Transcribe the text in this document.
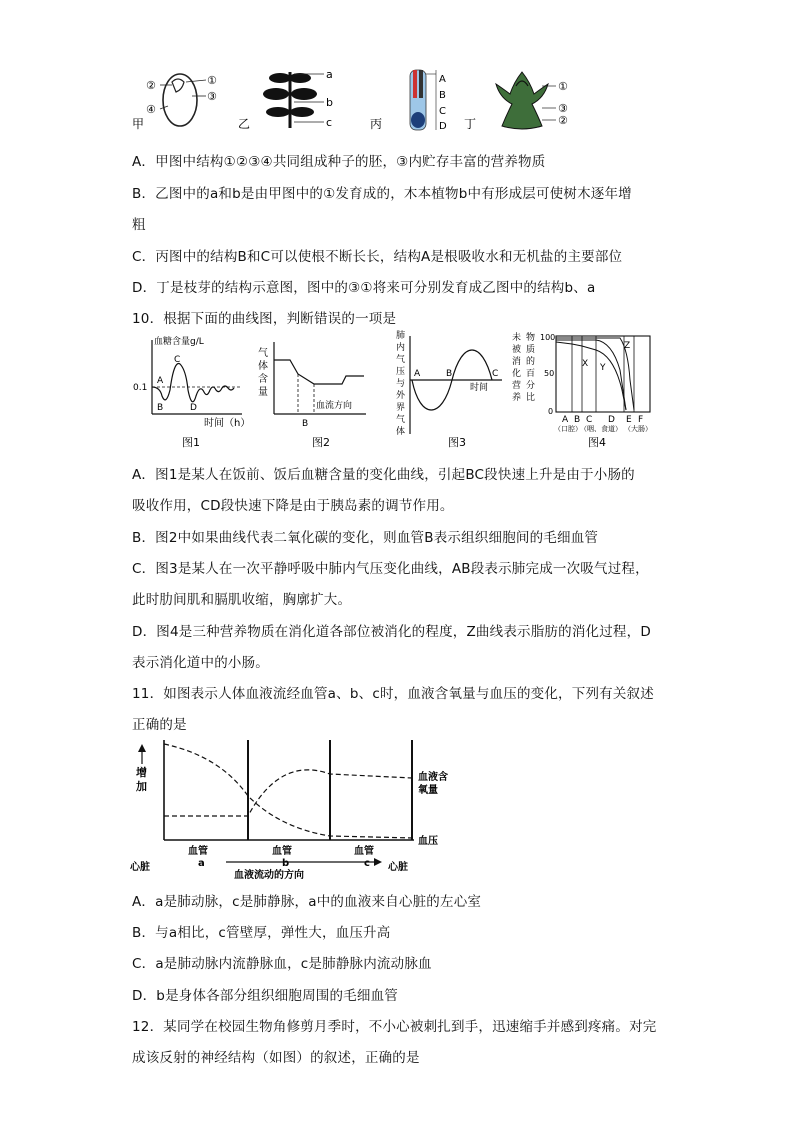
②	①
④
③
甲	乙
a
b
c	丙
A
B
C
D 丁
①
③
②
A．甲图中结构①②③④共同组成种子的胚，③内贮存丰富的营养物质
B．乙图中的a和b是由甲图中的①发育成的，木本植物b中有形成层可使树木逐年增
粗
C．丙图中的结构B和C可以使根不断长长，结构A是根吸收水和无机盐的主要部位
D．丁是枝芽的结构示意图，图中的③①将来可分别发育成乙图中的结构b、a
10．根据下面的曲线图，判断错误的一项是
血糖含量g/L
0.1
A
B
C
D
时间（h）
图1
气
体
含
量
B
血流方向
图2
肺
内
气
压
与
外
界
气
体
A	B	C
时间
图3
未
被
消
化
营
养
物
质
的
百
分
比
100
50
0
X Y
Z
A B C D E F
（口腔）
（咽、食道） （大肠）
图4
A．图1是某人在饭前、饭后血糖含量的变化曲线，引起BC段快速上升是由于小肠的
吸收作用，CD段快速下降是由于胰岛素的调节作用。
B．图2中如果曲线代表二氧化碳的变化，则血管B表示组织细胞间的毛细血管
C．图3是某人在一次平静呼吸中肺内气压变化曲线，AB段表示肺完成一次吸气过程，
此时肋间肌和膈肌收缩，胸廓扩大。
D．图4是三种营养物质在消化道各部位被消化的程度，Z曲线表示脂肪的消化过程，D
表示消化道中的小肠。
11．如图表示人体血液流经血管a、b、c时，血液含氧量与血压的变化，下列有关叙述
正确的是
增
加
血液含
氧量
血压
血管	血管	血管
a	b	c
心脏	心脏
血液流动的方向
A．a是肺动脉，c是肺静脉，a中的血液来自心脏的左心室
B．与a相比，c管壁厚，弹性大，血压升高
C．a是肺动脉内流静脉血，c是肺静脉内流动脉血
D．b是身体各部分组织细胞周围的毛细血管
12．某同学在校园生物角修剪月季时，不小心被刺扎到手，迅速缩手并感到疼痛。对完
成该反射的神经结构（如图）的叙述，正确的是
